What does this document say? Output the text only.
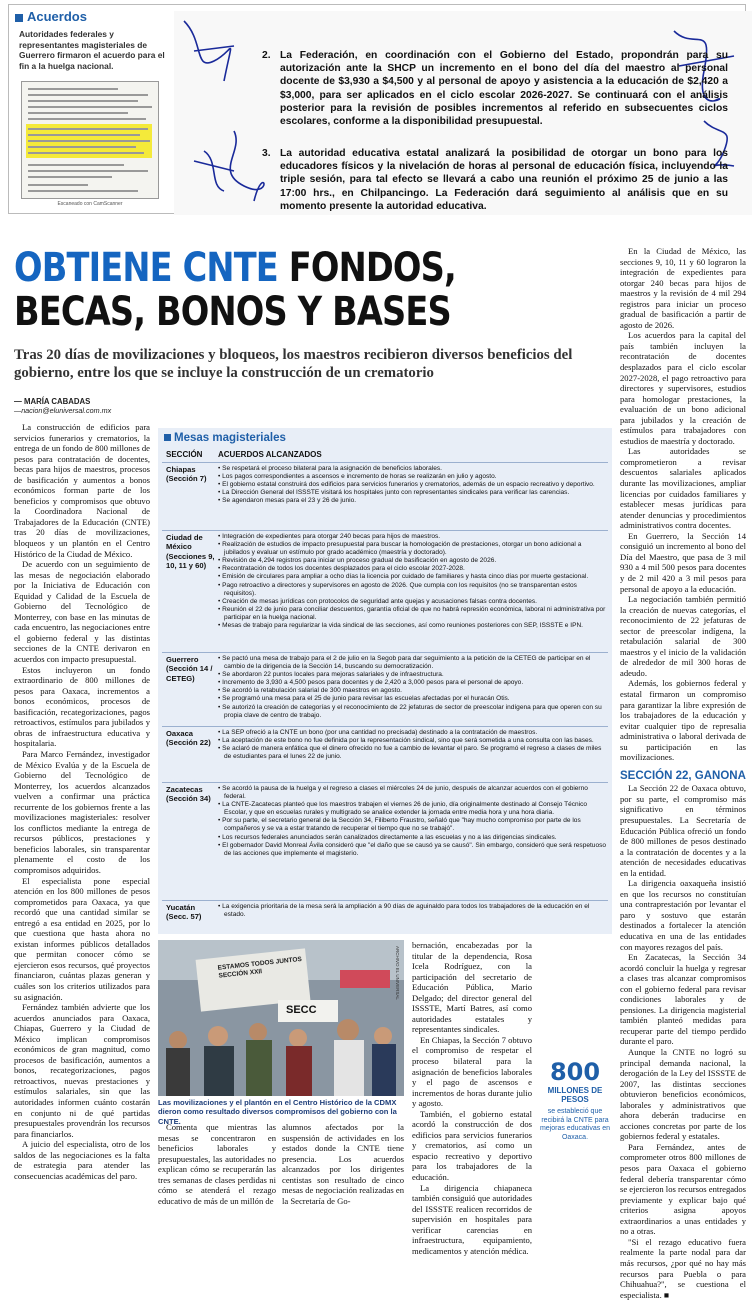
Acuerdos
Autoridades federales y representantes magisteriales de Guerrero firmaron el acuerdo para el fin a la huelga nacional.
Escaneado con CamScanner
2. La Federación, en coordinación con el Gobierno del Estado, propondrán para su autorización ante la SHCP un incremento en el bono del día del maestro al personal docente de $3,930 a $4,500 y al personal de apoyo y asistencia a la educación de $2,420 a $3,000, para ser aplicados en el ciclo escolar 2026-2027. Se continuará con el análisis posterior para la revisión de posibles incrementos al referido en subsecuentes ciclos escolares, conforme a la disponibilidad presupuestal.
3. La autoridad educativa estatal analizará la posibilidad de otorgar un bono para los educadores físicos y la nivelación de horas al personal de educación física, incluyendo la triple sesión, para tal efecto se llevará a cabo una reunión el próximo 25 de junio a las 17:00 hrs., en Chilpancingo. La Federación dará seguimiento al análisis que en su momento presente la autoridad educativa.
OBTIENE CNTE FONDOS,
BECAS, BONOS Y BASES
Tras 20 días de movilizaciones y bloqueos, los maestros recibieron diversos beneficios del gobierno, entre los que se incluye la construcción de un crematorio
— MARÍA CABADAS
—nacion@eluniversal.com.mx

La construcción de edificios para servicios funerarios y crematorios, la entrega de un fondo de 800 millones de pesos para contratación de docentes, becas para hijos de maestros, procesos de basificación y aumentos a bonos económicos forman parte de los beneficios y compromisos que obtuvo la Coordinadora Nacional de Trabajadores de la Educación (CNTE) tras 20 días de movilizaciones, bloqueos y un plantón en el Centro Histórico de la Ciudad de México.

De acuerdo con un seguimiento de las mesas de negociación elaborado por la Iniciativa de Educación con Equidad y Calidad de la Escuela de Gobierno del Tecnológico de Monterrey, con base en las minutas de cada encuentro, las negociaciones entre el gobierno federal y las distintas secciones de la CNTE derivaron en acuerdos con impacto presupuestal.

Estos incluyeron un fondo extraordinario de 800 millones de pesos para Oaxaca, incrementos a bonos económicos, procesos de basificación, recategorizaciones, pagos retroactivos, estímulos para jubilados y obras de infraestructura educativa y hospitalaria.

Para Marco Fernández, investigador de México Evalúa y de la Escuela de Gobierno del Tecnológico de Monterrey, los acuerdos alcanzados vuelven a confirmar una práctica recurrente de los gobiernos frente a las movilizaciones magisteriales: resolver los conflictos mediante la entrega de recursos públicos, prestaciones y beneficios laborales, sin transparentar plenamente el costo de los compromisos adquiridos.

El especialista pone especial atención en los 800 millones de pesos comprometidos para Oaxaca, ya que recordó que una cantidad similar se entregó a esa entidad en 2025, por lo que cuestiona que hasta ahora no existan informes públicos detallados que permitan conocer cómo se ejercieron esos recursos, qué proyectos financiaron, cuántas plazas generan y cuáles son los criterios utilizados para su asignación.

Fernández también advierte que los acuerdos anunciados para Oaxaca, Chiapas, Guerrero y la Ciudad de México implican compromisos económicos de gran magnitud, como procesos de basificación, aumentos a bonos, recategorizaciones, pagos retroactivos, nuevas prestaciones y estímulos salariales, sin que las autoridades informen cuánto costarán en conjunto ni de qué partidas presupuestales provendrán los recursos para financiarlos.

A juicio del especialista, otro de los saldos de las negociaciones es la falta de estrategia para atender las consecuencias académicas del paro.

Mesas magisteriales
SECCIÓN ACUERDOS ALCANZADOS
Chiapas (Sección 7)
• Se respetará el proceso bilateral para la asignación de beneficios laborales.
• Los pagos correspondientes a ascensos e incremento de horas se realizarán en julio y agosto.
• El gobierno estatal construirá dos edificios para servicios funerarios y crematorios, además de un espacio recreativo y deportivo.
• La Dirección General del ISSSTE visitará los hospitales junto con representantes sindicales para verificar las carencias.
• Se agendaron mesas para el 23 y 26 de junio.
Ciudad de México (Secciones 9, 10, 11 y 60)
• Integración de expedientes para otorgar 240 becas para hijos de maestros.
• Realización de estudios de impacto presupuestal para buscar la homologación de prestaciones, otorgar un bono adicional a jubilados y evaluar un estímulo por grado académico (maestría y doctorado).
• Revisión de 4,294 registros para iniciar un proceso gradual de basificación en agosto de 2026.
• Recontratación de todos los docentes desplazados para el ciclo escolar 2027-2028.
• Emisión de circulares para ampliar a ocho días la licencia por cuidado de familiares y hasta cinco días por muerte gestacional.
• Pago retroactivo a directores y supervisores en agosto de 2026. Que cumpla con los requisitos (no se transparentan estos requisitos).
• Creación de mesas jurídicas con protocolos de seguridad ante quejas y acusaciones falsas contra docentes.
• Reunión el 22 de junio para conciliar descuentos, garantía oficial de que no habrá represión económica, laboral ni administrativa por participar en la huelga nacional.
• Mesas de trabajo para regularizar la vida sindical de las secciones, así como reuniones posteriores con SEP, ISSSTE e IPN.
Guerrero (Sección 14 / CETEG)
• Se pactó una mesa de trabajo para el 2 de julio en la Segob para dar seguimiento a la petición de la CETEG de participar en el cambio de la dirigencia de la Sección 14, buscando su democratización.
• Se abordaron 22 puntos locales para mejoras salariales y de infraestructura.
• Incremento de 3,930 a 4,500 pesos para docentes y de 2,420 a 3,000 pesos para el personal de apoyo.
• Se acordó la retabulación salarial de 300 maestros en agosto.
• Se programó una mesa para el 25 de junio para revisar las escuelas afectadas por el huracán Otis.
• Se autorizó la creación de categorías y el reconocimiento de 22 jefaturas de sector de preescolar indígena para que operen con su propia clave de centro de trabajo.
Oaxaca (Sección 22)
• La SEP ofreció a la CNTE un bono (por una cantidad no precisada) destinado a la contratación de maestros.
• La aceptación de este bono no fue definida por la representación sindical, sino que será sometida a una consulta con las bases.
• Se aclaró de manera enfática que el dinero ofrecido no fue a cambio de levantar el paro. Se programó el regreso a clases de miles de estudiantes para el lunes 22 de junio.
Zacatecas (Sección 34)
• Se acordó la pausa de la huelga y el regreso a clases el miércoles 24 de junio, después de alcanzar acuerdos con el gobierno federal.
• La CNTE-Zacatecas planteó que los maestros trabajen el viernes 26 de junio, día originalmente destinado al Consejo Técnico Escolar, y que en escuelas rurales y multigrado se analice extender la jornada entre media hora y una hora diaria.
• Por su parte, el secretario general de la Sección 34, Filiberto Fraustro, señaló que "hay mucho compromiso por parte de los compañeros y se va a estar tratando de recuperar el tiempo que no se trabajó".
• Los recursos federales anunciados serán canalizados directamente a las escuelas y no a las dirigencias sindicales.
• El gobernador David Monreal Ávila consideró que "el daño que se causó ya se causó". Sin embargo, consideró que será respetuoso de las acciones que implemente el magisterio.
Yucatán (Secc. 57)
• La exigencia prioritaria de la mesa será la ampliación a 90 días de aguinaldo para todos los trabajadores de la educación en el estado.
ESTAMOS TODOS JUNTOS SECCIÓN XXII
SECC
ARCHIVO EL UNIVERSAL
Las movilizaciones y el plantón en el Centro Histórico de la CDMX dieron como resultado diversos compromisos del gobierno con la CNTE.

Comenta que mientras las mesas se concentraron en beneficios laborales y presupuestales, las autoridades no explican cómo se recuperarán las tres semanas de clases perdidas ni cómo se atenderá el rezago educativo de más de un millón de

alumnos afectados por la suspensión de actividades en los estados donde la CNTE tiene presencia. Los acuerdos alcanzados por los dirigentes centistas son resultado de cinco mesas de negociación realizadas en la Secretaría de Go-

bernación, encabezadas por la titular de la dependencia, Rosa Icela Rodríguez, con la participación del secretario de Educación Pública, Mario Delgado; del director general del ISSSTE, Martí Batres, así como autoridades estatales y representantes sindicales.

En Chiapas, la Sección 7 obtuvo el compromiso de respetar el proceso bilateral para la asignación de beneficios laborales y el pago de ascensos e incrementos de horas durante julio y agosto.

También, el gobierno estatal acordó la construcción de dos edificios para servicios funerarios y crematorios, así como un espacio recreativo y deportivo para los trabajadores de la educación.

La dirigencia chiapaneca también consiguió que autoridades del ISSSTE realicen recorridos de supervisión en hospitales para verificar carencias en infraestructura, equipamiento, medicamentos y atención médica.

800
MILLONES DE PESOS
se estableció que recibirá la CNTE para mejoras educativas en Oaxaca.

En la Ciudad de México, las secciones 9, 10, 11 y 60 lograron la integración de expedientes para otorgar 240 becas para hijos de maestros y la revisión de 4 mil 294 registros para iniciar un proceso gradual de basificación a partir de agosto de 2026.

Los acuerdos para la capital del país también incluyen la recontratación de docentes desplazados para el ciclo escolar 2027-2028, el pago retroactivo para directores y supervisores, estudios para homologar prestaciones, la evaluación de un bono adicional para jubilados y la creación de estímulos para trabajadores con estudios de maestría y doctorado.

Las autoridades se comprometieron a revisar descuentos salariales aplicados durante las movilizaciones, ampliar licencias por cuidados familiares y establecer mesas jurídicas para atender denuncias y procedimientos administrativos contra docentes.

En Guerrero, la Sección 14 consiguió un incremento al bono del Día del Maestro, que pasa de 3 mil 930 a 4 mil 500 pesos para docentes y de 2 mil 420 a 3 mil pesos para personal de apoyo a la educación.

La negociación también permitió la creación de nuevas categorías, el reconocimiento de 22 jefaturas de sector de preescolar indígena, la retabulación salarial de 300 maestros y el inicio de la validación de alrededor de mil 300 horas de adeudo.

Además, los gobiernos federal y estatal firmaron un compromiso para garantizar la libre expresión de los trabajadores de la educación y evitar cualquier tipo de represalia administrativa o laboral derivada de su participación en las movilizaciones.

SECCIÓN 22, GANONA

La Sección 22 de Oaxaca obtuvo, por su parte, el compromiso más significativo en términos presupuestales. La Secretaría de Educación Pública ofreció un fondo de 800 millones de pesos destinado a la contratación de docentes y a la atención de necesidades educativas en la entidad.

La dirigencia oaxaqueña insistió en que los recursos no constituían una contraprestación por levantar el paro y sostuvo que estarán destinados a fortalecer la atención educativa en una de las entidades con mayores rezagos del país.

En Zacatecas, la Sección 34 acordó concluir la huelga y regresar a clases tras alcanzar compromisos con el gobierno federal para revisar condiciones laborales y de pensiones. La dirigencia magisterial también planteó medidas para recuperar parte del tiempo perdido durante el paro.

Aunque la CNTE no logró su principal demanda nacional, la derogación de la Ley del ISSSTE de 2007, las distintas secciones obtuvieron beneficios económicos, laborales y administrativos que ahora deberán traducirse en acciones concretas por parte de los gobiernos federal y estatales.

Para Fernández, antes de comprometer otros 800 millones de pesos para Oaxaca el gobierno federal debería transparentar cómo se ejercieron los recursos entregados previamente y explicar bajo qué criterios asigna apoyos extraordinarios a unas entidades y no a otras.

"Si el rezago educativo fuera realmente la parte nodal para dar más recursos, ¿por qué no hay más recursos para Puebla o para Chihuahua?", se cuestiona el especialista. ■
